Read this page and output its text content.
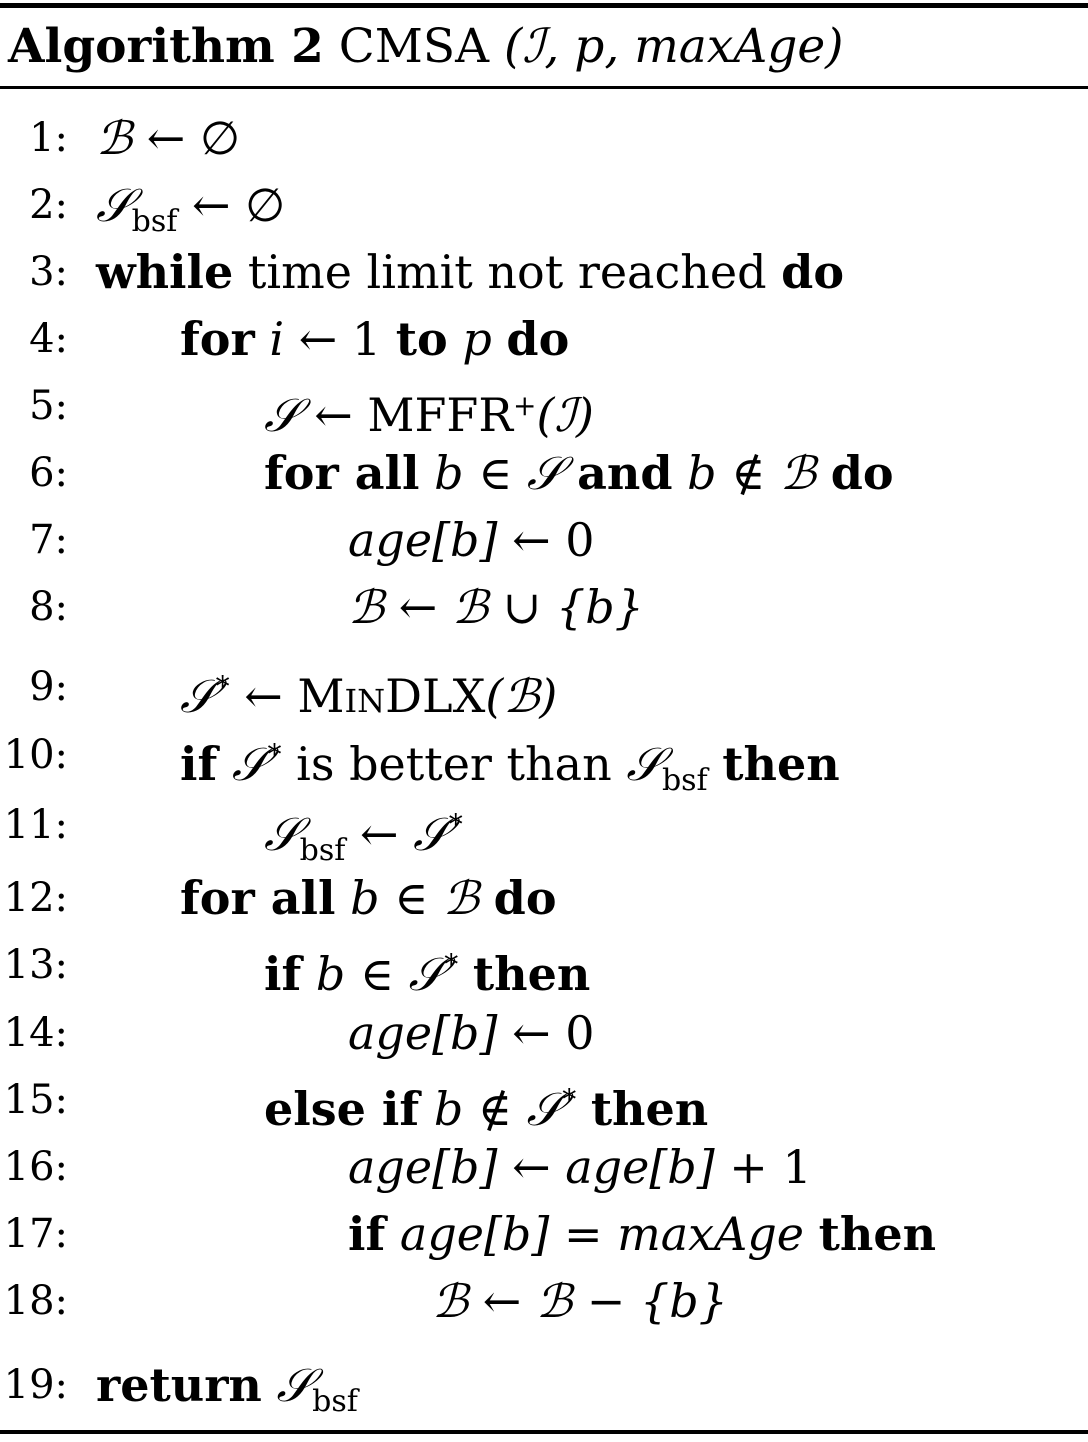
Algorithm 2 CMSA (ℐ, p, maxAge)
1: ℬ ← ∅
2: 𝒮$_{bsf}$ ← ∅
3: while time limit not reached do
4: for i ← 1 to p do
5:	𝒮 ← MFFR+(ℐ)
6:	for all b ∈ 𝒮 and b ∉ ℬ do
7:	age[b] ← 0
8:	ℬ ← ℬ ∪ {b}
9: 𝒮* ← MinDLX(ℬ)
10: if 𝒮* is better than 𝒮$_{bsf}$ then
11:	𝒮$_{bsf}$ ← 𝒮*
12: for all b ∈ ℬ do
13:	if b ∈ 𝒮* then
14:	age[b] ← 0
15:	else if b ∉ 𝒮* then
16:	age[b] ← age[b] + 1
17:	if age[b] = maxAge then
18:	ℬ ← ℬ − {b}
19: return 𝒮$_{bsf}$
